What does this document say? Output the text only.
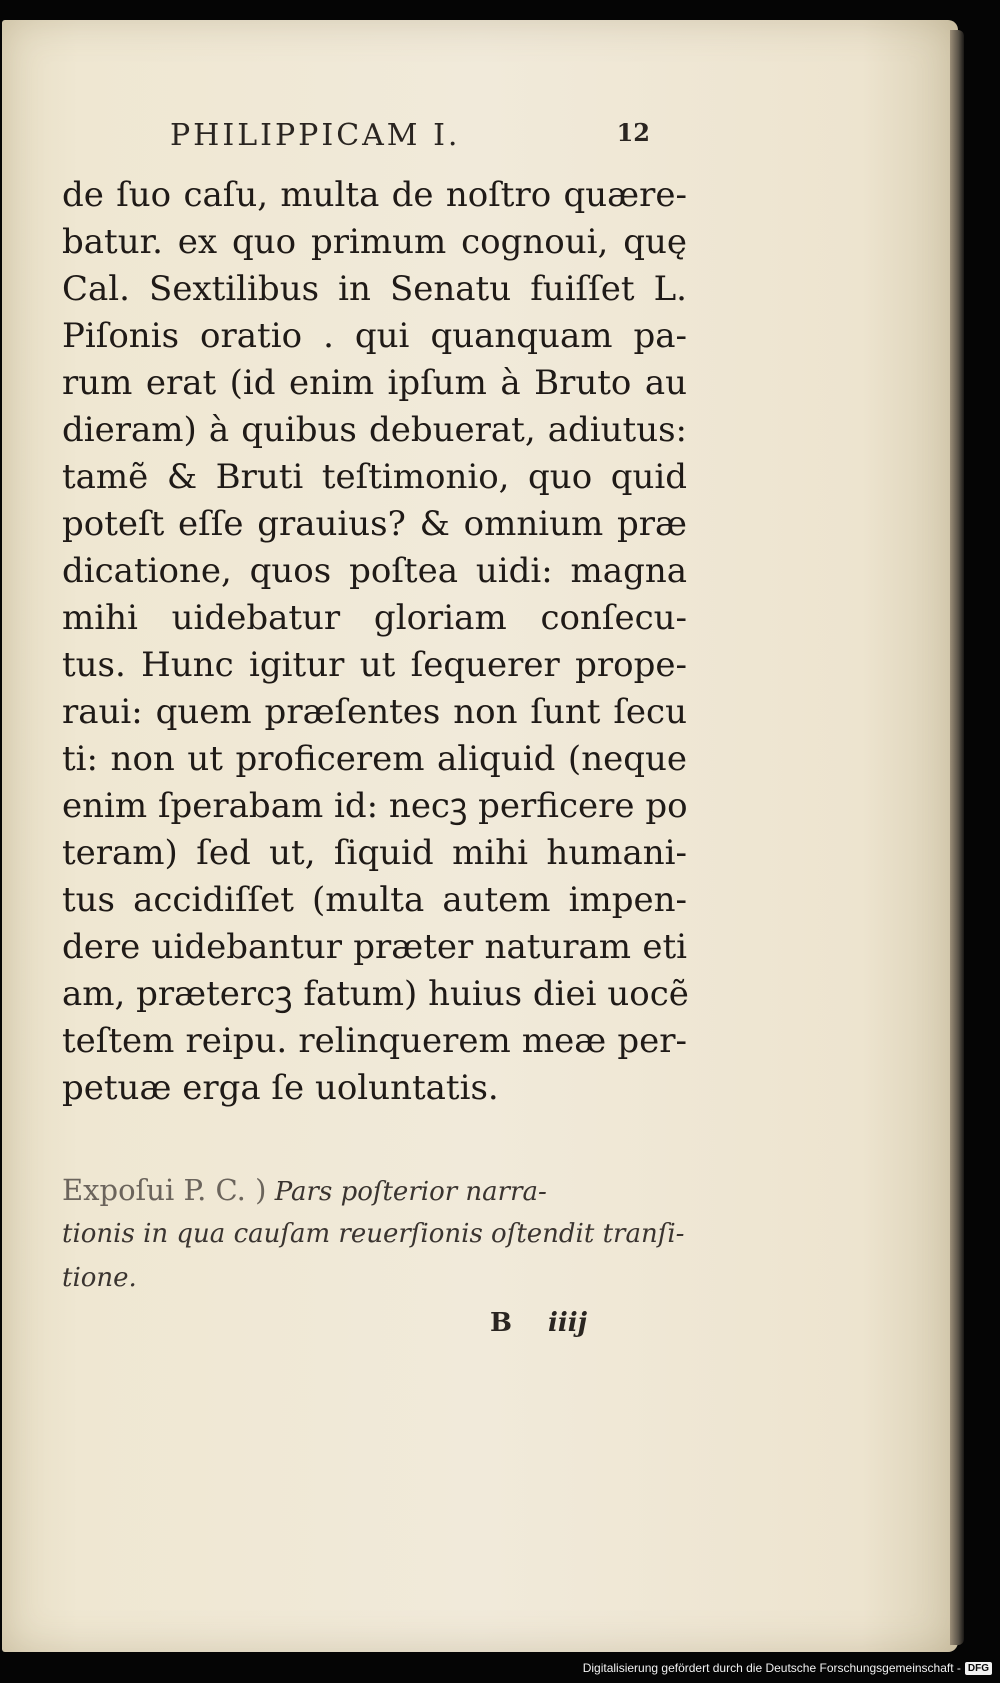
PHILIPPICAM I.	12
de ſuo caſu, multa de noſtro quære-
batur. ex quo primum cognoui, quę
Cal. Sextilibus in Senatu fuiſſet L.
Piſonis oratio . qui quanquam pa-
rum erat (id enim ipſum à Bruto au
dieram) à quibus debuerat, adiutus:
tamẽ & Bruti teſtimonio, quo quid
poteſt eſſe grauius? & omnium præ
dicatione, quos poſtea uidi: magna
mihi uidebatur gloriam conſecu-
tus. Hunc igitur ut ſequerer prope-
raui: quem præſentes non ſunt ſecu
ti: non ut proficerem aliquid (neque
enim ſperabam id: necꝫ perficere po
teram) ſed ut, ſiquid mihi humani-
tus accidiſſet (multa autem impen-
dere uidebantur præter naturam eti
am, prætercꝫ fatum) huius diei uocẽ
teſtem reipu. relinquerem meæ per-
petuæ erga ſe uoluntatis.
Expoſui P. C. ) Pars poſterior narra-
tionis in qua cauſam reuerſionis oſtendit tranſi-
tione.
B iiij
Digitalisierung gefördert durch die Deutsche Forschungsgemeinschaft - DFG
